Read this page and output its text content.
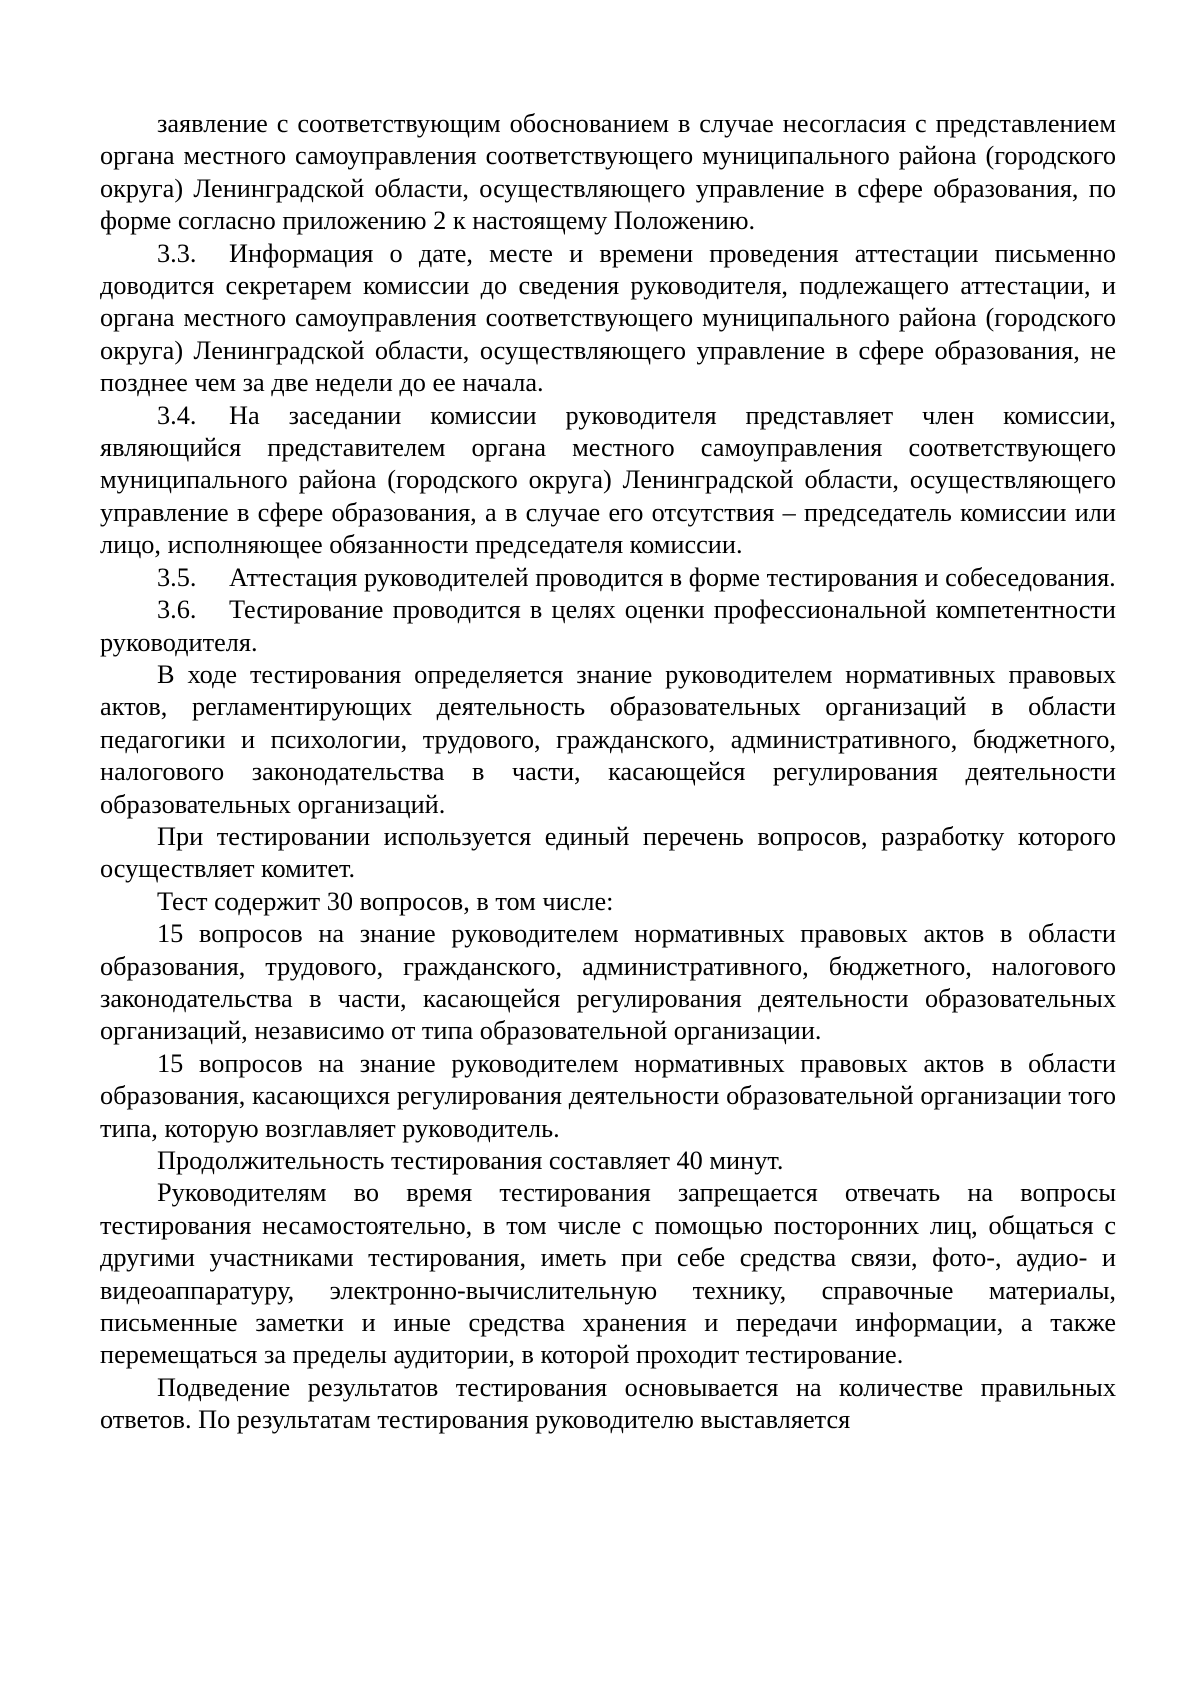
заявление с соответствующим обоснованием в случае несогласия с представлением органа местного самоуправления соответствующего муниципального района (городского округа) Ленинградской области, осуществляющего управление в сфере образования, по форме согласно приложению 2 к настоящему Положению.

3.3. Информация о дате, месте и времени проведения аттестации письменно доводится секретарем комиссии до сведения руководителя, подлежащего аттестации, и органа местного самоуправления соответствующего муниципального района (городского округа) Ленинградской области, осуществляющего управление в сфере образования, не позднее чем за две недели до ее начала.

3.4. На заседании комиссии руководителя представляет член комиссии, являющийся представителем органа местного самоуправления соответствующего муниципального района (городского округа) Ленинградской области, осуществляющего управление в сфере образования, а в случае его отсутствия – председатель комиссии или лицо, исполняющее обязанности председателя комиссии.

3.5. Аттестация руководителей проводится в форме тестирования и собеседования.

3.6. Тестирование проводится в целях оценки профессиональной компетентности руководителя.

В ходе тестирования определяется знание руководителем нормативных правовых актов, регламентирующих деятельность образовательных организаций в области педагогики и психологии, трудового, гражданского, административного, бюджетного, налогового законодательства в части, касающейся регулирования деятельности образовательных организаций.

При тестировании используется единый перечень вопросов, разработку которого осуществляет комитет.

Тест содержит 30 вопросов, в том числе:

15 вопросов на знание руководителем нормативных правовых актов в области образования, трудового, гражданского, административного, бюджетного, налогового законодательства в части, касающейся регулирования деятельности образовательных организаций, независимо от типа образовательной организации.

15 вопросов на знание руководителем нормативных правовых актов в области образования, касающихся регулирования деятельности образовательной организации того типа, которую возглавляет руководитель.

Продолжительность тестирования составляет 40 минут.

Руководителям во время тестирования запрещается отвечать на вопросы тестирования несамостоятельно, в том числе с помощью посторонних лиц, общаться с другими участниками тестирования, иметь при себе средства связи, фото-, аудио- и видеоаппаратуру, электронно-вычислительную технику, справочные материалы, письменные заметки и иные средства хранения и передачи информации, а также перемещаться за пределы аудитории, в которой проходит тестирование.

Подведение результатов тестирования основывается на количестве правильных ответов. По результатам тестирования руководителю выставляется
